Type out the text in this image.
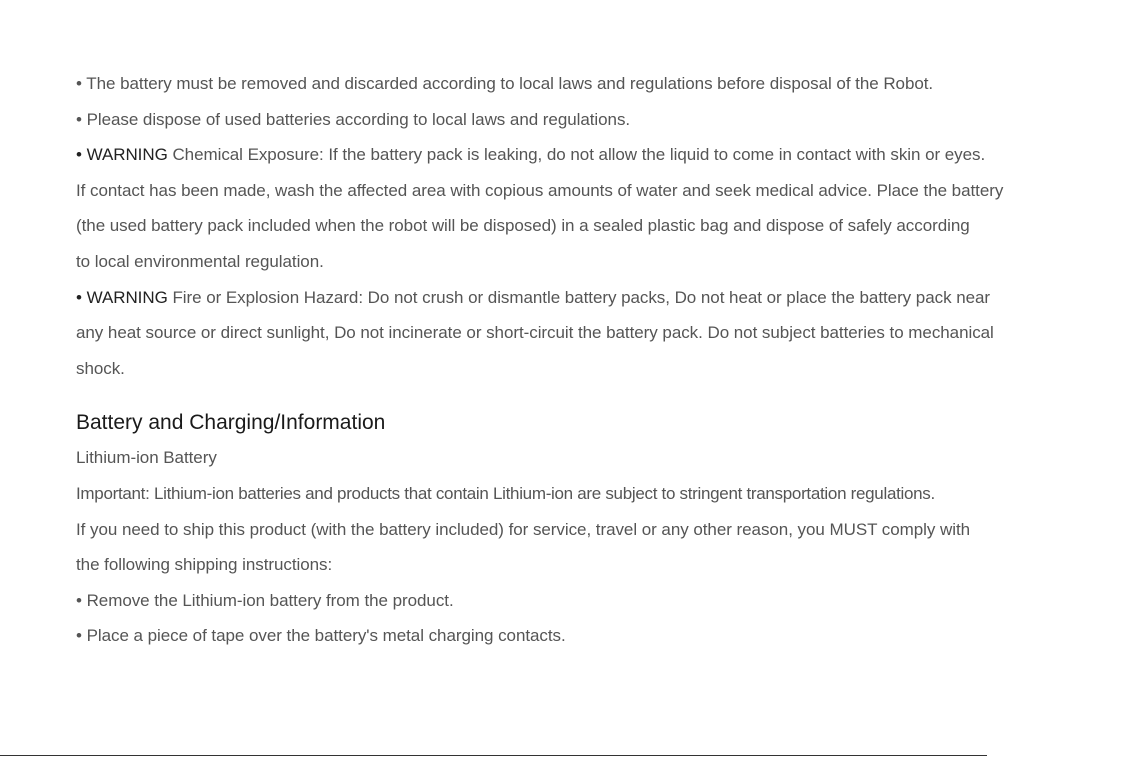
• The battery must be removed and discarded according to local laws and regulations before disposal of the Robot.
• Please dispose of used batteries according to local laws and regulations.
• WARNING Chemical Exposure: If the battery pack is leaking, do not allow the liquid to come in contact with skin or eyes.
If contact has been made, wash the affected area with copious amounts of water and seek medical advice. Place the battery
(the used battery pack included when the robot will be disposed) in a sealed plastic bag and dispose of safely according
to local environmental regulation.
• WARNING Fire or Explosion Hazard: Do not crush or dismantle battery packs, Do not heat or place the battery pack near
any heat source or direct sunlight, Do not incinerate or short-circuit the battery pack. Do not subject batteries to mechanical
shock.
Battery and Charging/Information
Lithium-ion Battery
Important: Lithium-ion batteries and products that contain Lithium-ion are subject to stringent transportation regulations.
If you need to ship this product (with the battery included) for service, travel or any other reason, you MUST comply with
the following shipping instructions:
• Remove the Lithium-ion battery from the product.
• Place a piece of tape over the battery's metal charging contacts.
